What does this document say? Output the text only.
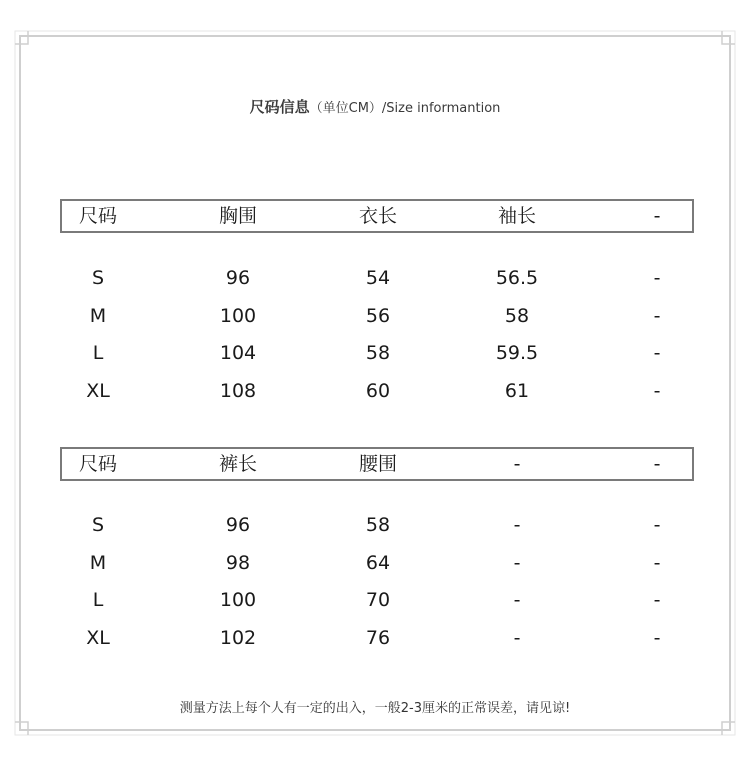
尺码信息（单位CM）/Size informantion
尺码	胸围	衣长	袖长	-
S	96	54	56.5	-
M	100	56	58	-
L	104	58	59.5	-
XL	108	60	61	-
尺码	裤长	腰围	-	-
S	96	58	-	-
M	98	64	-	-
L	100	70	-	-
XL	102	76	-	-
测量方法上每个人有一定的出入，一般2-3厘米的正常误差，请见谅!
